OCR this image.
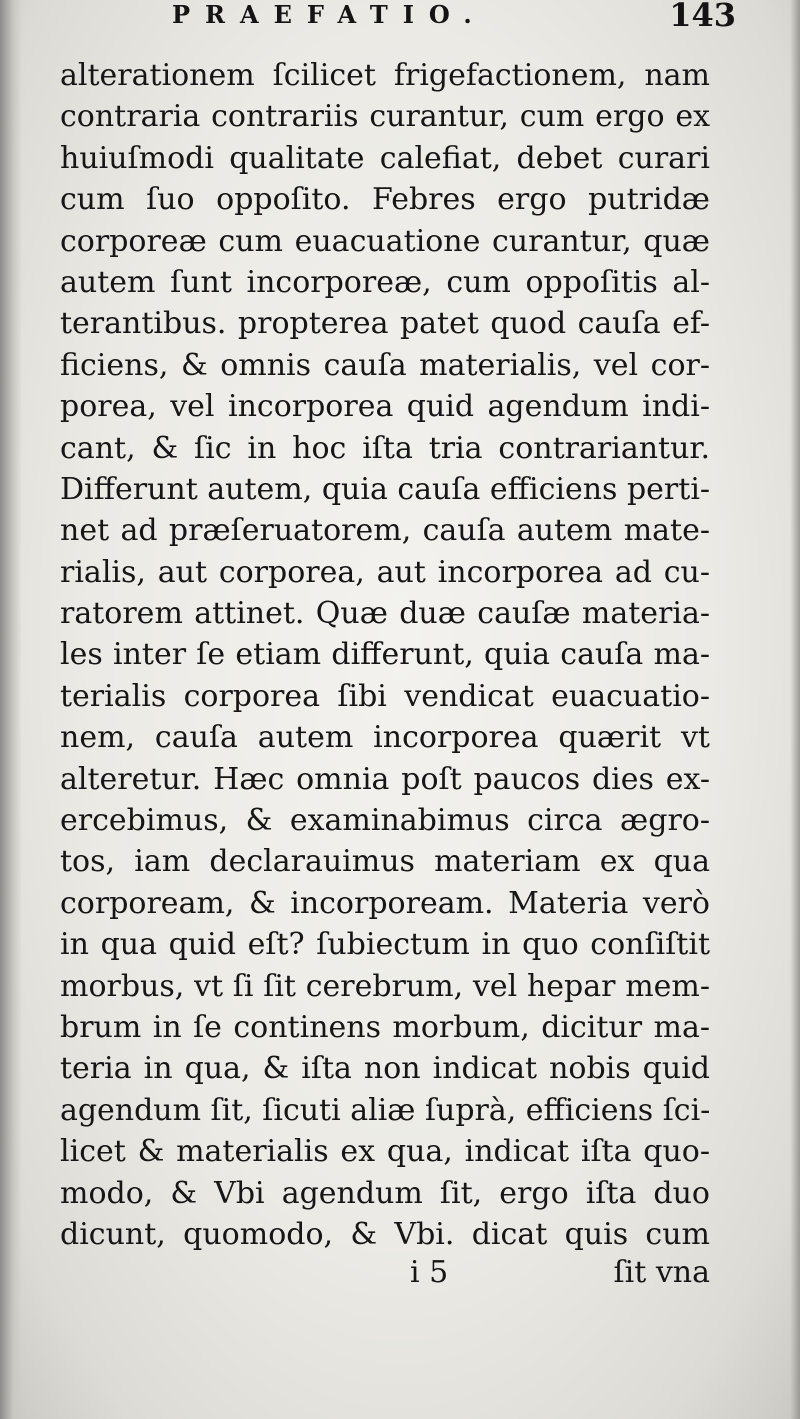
PRAEFATIO.	143
alterationem ſcilicet frigefactionem, nam
contraria contrariis curantur, cum ergo ex
huiuſmodi qualitate calefiat, debet curari
cum ſuo oppoſito. Febres ergo putridæ
corporeæ cum euacuatione curantur, quæ
autem ſunt incorporeæ, cum oppoſitis al-
terantibus. propterea patet quod cauſa ef-
ficiens, & omnis cauſa materialis, vel cor-
porea, vel incorporea quid agendum indi-
cant, & ſic in hoc iſta tria contrariantur.
Differunt autem, quia cauſa efficiens perti-
net ad præſeruatorem, cauſa autem mate-
rialis, aut corporea, aut incorporea ad cu-
ratorem attinet. Quæ duæ cauſæ materia-
les inter ſe etiam differunt, quia cauſa ma-
terialis corporea ſibi vendicat euacuatio-
nem, cauſa autem incorporea quærit vt
alteretur. Hæc omnia poſt paucos dies ex-
ercebimus, & examinabimus circa ægro-
tos, iam declarauimus materiam ex qua
corpoream, & incorpoream. Materia verò
in qua quid eſt? ſubiectum in quo conſiſtit
morbus, vt ſi ſit cerebrum, vel hepar mem-
brum in ſe continens morbum, dicitur ma-
teria in qua, & iſta non indicat nobis quid
agendum ſit, ſicuti aliæ ſuprà, efficiens ſci-
licet & materialis ex qua, indicat iſta quo-
modo, & Vbi agendum ſit, ergo iſta duo
dicunt, quomodo, & Vbi. dicat quis cum
i 5	ſit vna
